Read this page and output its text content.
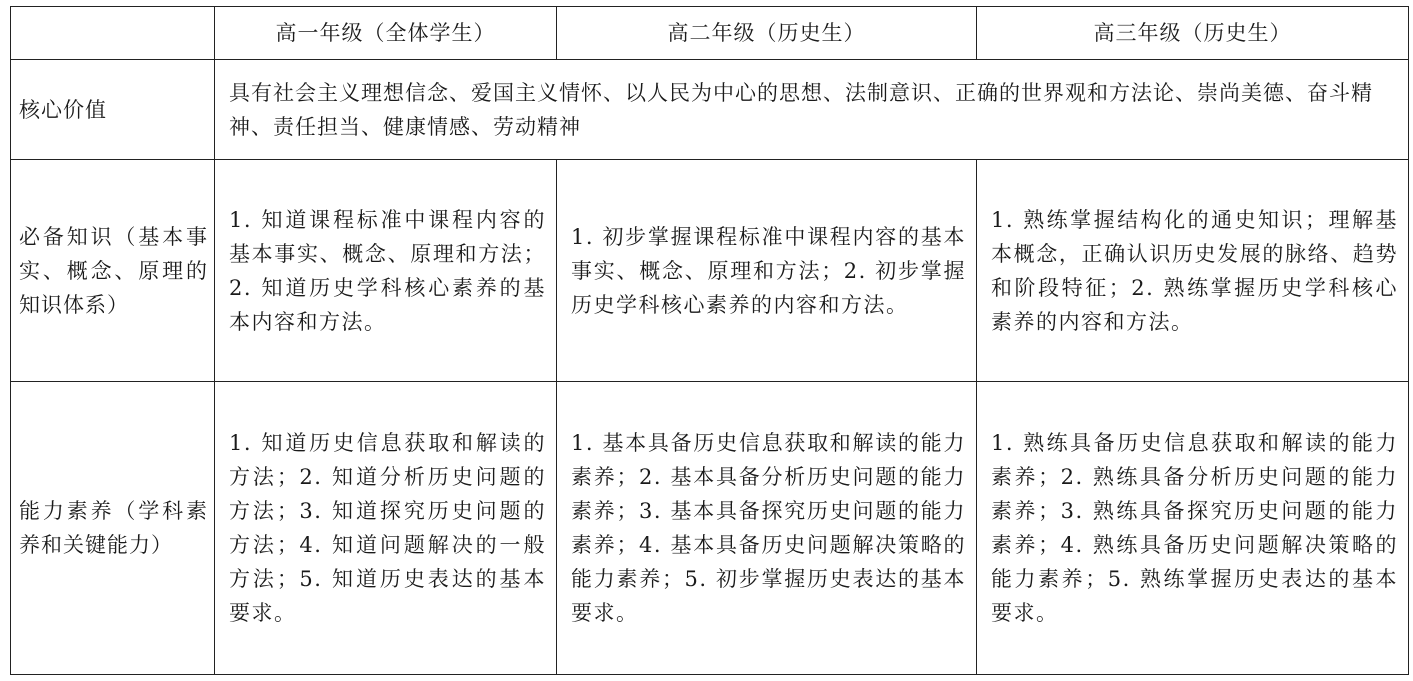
	高一年级（全体学生）	高二年级（历史生）	高三年级（历史生）
核心价值	具有社会主义理想信念、爱国主义情怀、以人民为中心的思想、法制意识、正确的世界观和方法论、崇尚美德、奋斗精神、责任担当、健康情感、劳动精神		
必备知识（基本事实、概念、原理的知识体系）	1. 知道课程标准中课程内容的基本事实、概念、原理和方法；2. 知道历史学科核心素养的基本内容和方法。	1. 初步掌握课程标准中课程内容的基本事实、概念、原理和方法；2. 初步掌握历史学科核心素养的内容和方法。	1. 熟练掌握结构化的通史知识；理解基本概念，正确认识历史发展的脉络、趋势和阶段特征；2. 熟练掌握历史学科核心素养的内容和方法。
能力素养（学科素养和关键能力）	1. 知道历史信息获取和解读的方法；2. 知道分析历史问题的方法；3. 知道探究历史问题的方法；4. 知道问题解决的一般方法；5. 知道历史表达的基本要求。	1. 基本具备历史信息获取和解读的能力素养；2. 基本具备分析历史问题的能力素养；3. 基本具备探究历史问题的能力素养；4. 基本具备历史问题解决策略的能力素养；5. 初步掌握历史表达的基本要求。	1. 熟练具备历史信息获取和解读的能力素养；2. 熟练具备分析历史问题的能力素养；3. 熟练具备探究历史问题的能力素养；4. 熟练具备历史问题解决策略的能力素养；5. 熟练掌握历史表达的基本要求。
